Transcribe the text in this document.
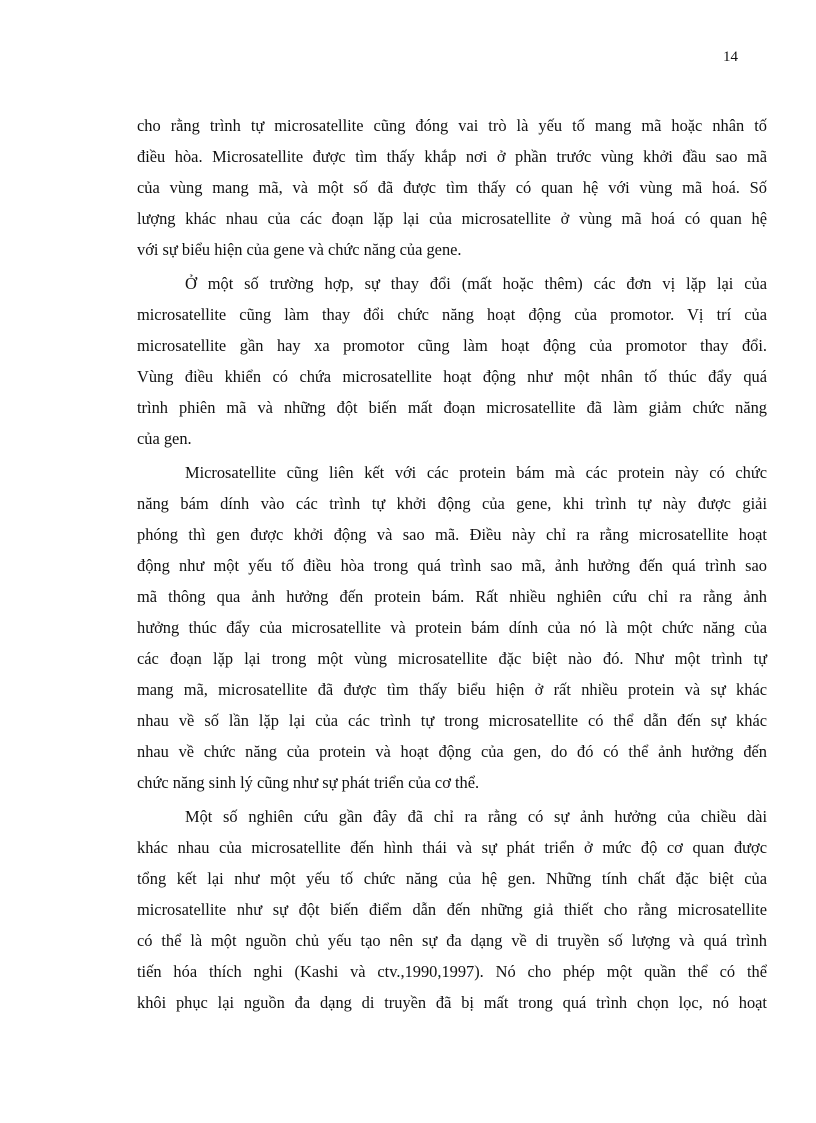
14
cho rằng trình tự microsatellite cũng đóng vai trò là yếu tố mang mã hoặc nhân tố
điều hòa. Microsatellite được tìm thấy khắp nơi ở phần trước vùng khởi đầu sao mã
của vùng mang mã, và một số đã được tìm thấy có quan hệ với vùng mã hoá. Số
lượng khác nhau của các đoạn lặp lại của microsatellite ở vùng mã hoá có quan hệ
với sự biểu hiện của gene và chức năng của gene.
Ở một số trường hợp, sự thay đổi (mất hoặc thêm) các đơn vị lặp lại của
microsatellite cũng làm thay đổi chức năng hoạt động của promotor. Vị trí của
microsatellite gần hay xa promotor cũng làm hoạt động của promotor thay đổi.
Vùng điều khiển có chứa microsatellite hoạt động như một nhân tố thúc đẩy quá
trình phiên mã và những đột biến mất đoạn microsatellite đã làm giảm chức năng
của gen.
Microsatellite cũng liên kết với các protein bám mà các protein này có chức
năng bám dính vào các trình tự khởi động của gene, khi trình tự này được giải
phóng thì gen được khởi động và sao mã. Điều này chỉ ra rằng microsatellite hoạt
động như một yếu tố điều hòa trong quá trình sao mã, ảnh hưởng đến quá trình sao
mã thông qua ảnh hưởng đến protein bám. Rất nhiều nghiên cứu chỉ ra rằng ảnh
hưởng thúc đẩy của microsatellite và protein bám dính của nó là một chức năng của
các đoạn lặp lại trong một vùng microsatellite đặc biệt nào đó. Như một trình tự
mang mã, microsatellite đã được tìm thấy biểu hiện ở rất nhiều protein và sự khác
nhau về số lần lặp lại của các trình tự trong microsatellite có thể dẫn đến sự khác
nhau về chức năng của protein và hoạt động của gen, do đó có thể ảnh hưởng đến
chức năng sinh lý cũng như sự phát triển của cơ thể.
Một số nghiên cứu gần đây đã chỉ ra rằng có sự ảnh hưởng của chiều dài
khác nhau của microsatellite đến hình thái và sự phát triển ở mức độ cơ quan được
tổng kết lại như một yếu tố chức năng của hệ gen. Những tính chất đặc biệt của
microsatellite như sự đột biến điểm dẫn đến những giả thiết cho rằng microsatellite
có thể là một nguồn chủ yếu tạo nên sự đa dạng về di truyền số lượng và quá trình
tiến hóa thích nghi (Kashi và ctv.,1990,1997). Nó cho phép một quần thể có thể
khôi phục lại nguồn đa dạng di truyền đã bị mất trong quá trình chọn lọc, nó hoạt
